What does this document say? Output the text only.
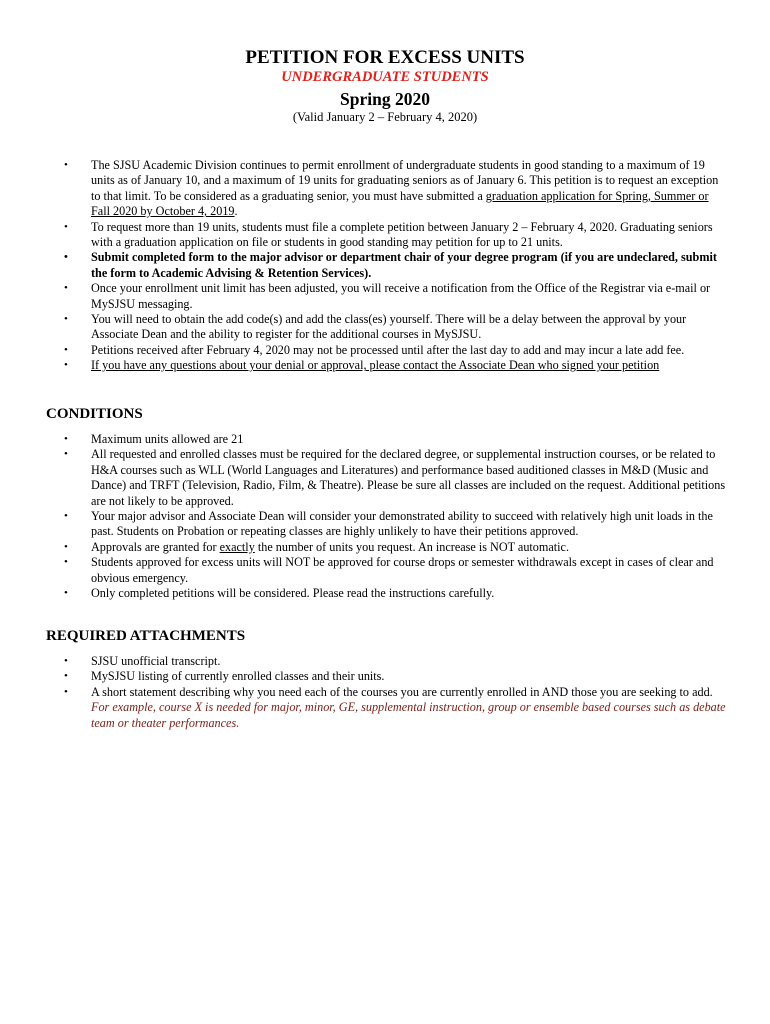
PETITION FOR EXCESS UNITS
UNDERGRADUATE STUDENTS
Spring 2020
(Valid January 2 – February 4, 2020)
• The SJSU Academic Division continues to permit enrollment of undergraduate students in good standing to a maximum of 19 units as of January 10, and a maximum of 19 units for graduating seniors as of January 6. This petition is to request an exception to that limit. To be considered as a graduating senior, you must have submitted a graduation application for Spring, Summer or Fall 2020 by October 4, 2019.
• To request more than 19 units, students must file a complete petition between January 2 – February 4, 2020. Graduating seniors with a graduation application on file or students in good standing may petition for up to 21 units.
• Submit completed form to the major advisor or department chair of your degree program (if you are undeclared, submit the form to Academic Advising & Retention Services).
• Once your enrollment unit limit has been adjusted, you will receive a notification from the Office of the Registrar via e-mail or MySJSU messaging.
• You will need to obtain the add code(s) and add the class(es) yourself. There will be a delay between the approval by your Associate Dean and the ability to register for the additional courses in MySJSU.
• Petitions received after February 4, 2020 may not be processed until after the last day to add and may incur a late add fee.
• If you have any questions about your denial or approval, please contact the Associate Dean who signed your petition
CONDITIONS
• Maximum units allowed are 21
• All requested and enrolled classes must be required for the declared degree, or supplemental instruction courses, or be related to H&A courses such as WLL (World Languages and Literatures) and performance based auditioned classes in M&D (Music and Dance) and TRFT (Television, Radio, Film, & Theatre). Please be sure all classes are included on the request. Additional petitions are not likely to be approved.
• Your major advisor and Associate Dean will consider your demonstrated ability to succeed with relatively high unit loads in the past. Students on Probation or repeating classes are highly unlikely to have their petitions approved.
• Approvals are granted for exactly the number of units you request. An increase is NOT automatic.
• Students approved for excess units will NOT be approved for course drops or semester withdrawals except in cases of clear and obvious emergency.
• Only completed petitions will be considered. Please read the instructions carefully.
REQUIRED ATTACHMENTS
• SJSU unofficial transcript.
• MySJSU listing of currently enrolled classes and their units.
• A short statement describing why you need each of the courses you are currently enrolled in AND those you are seeking to add. For example, course X is needed for major, minor, GE, supplemental instruction, group or ensemble based courses such as debate team or theater performances.
